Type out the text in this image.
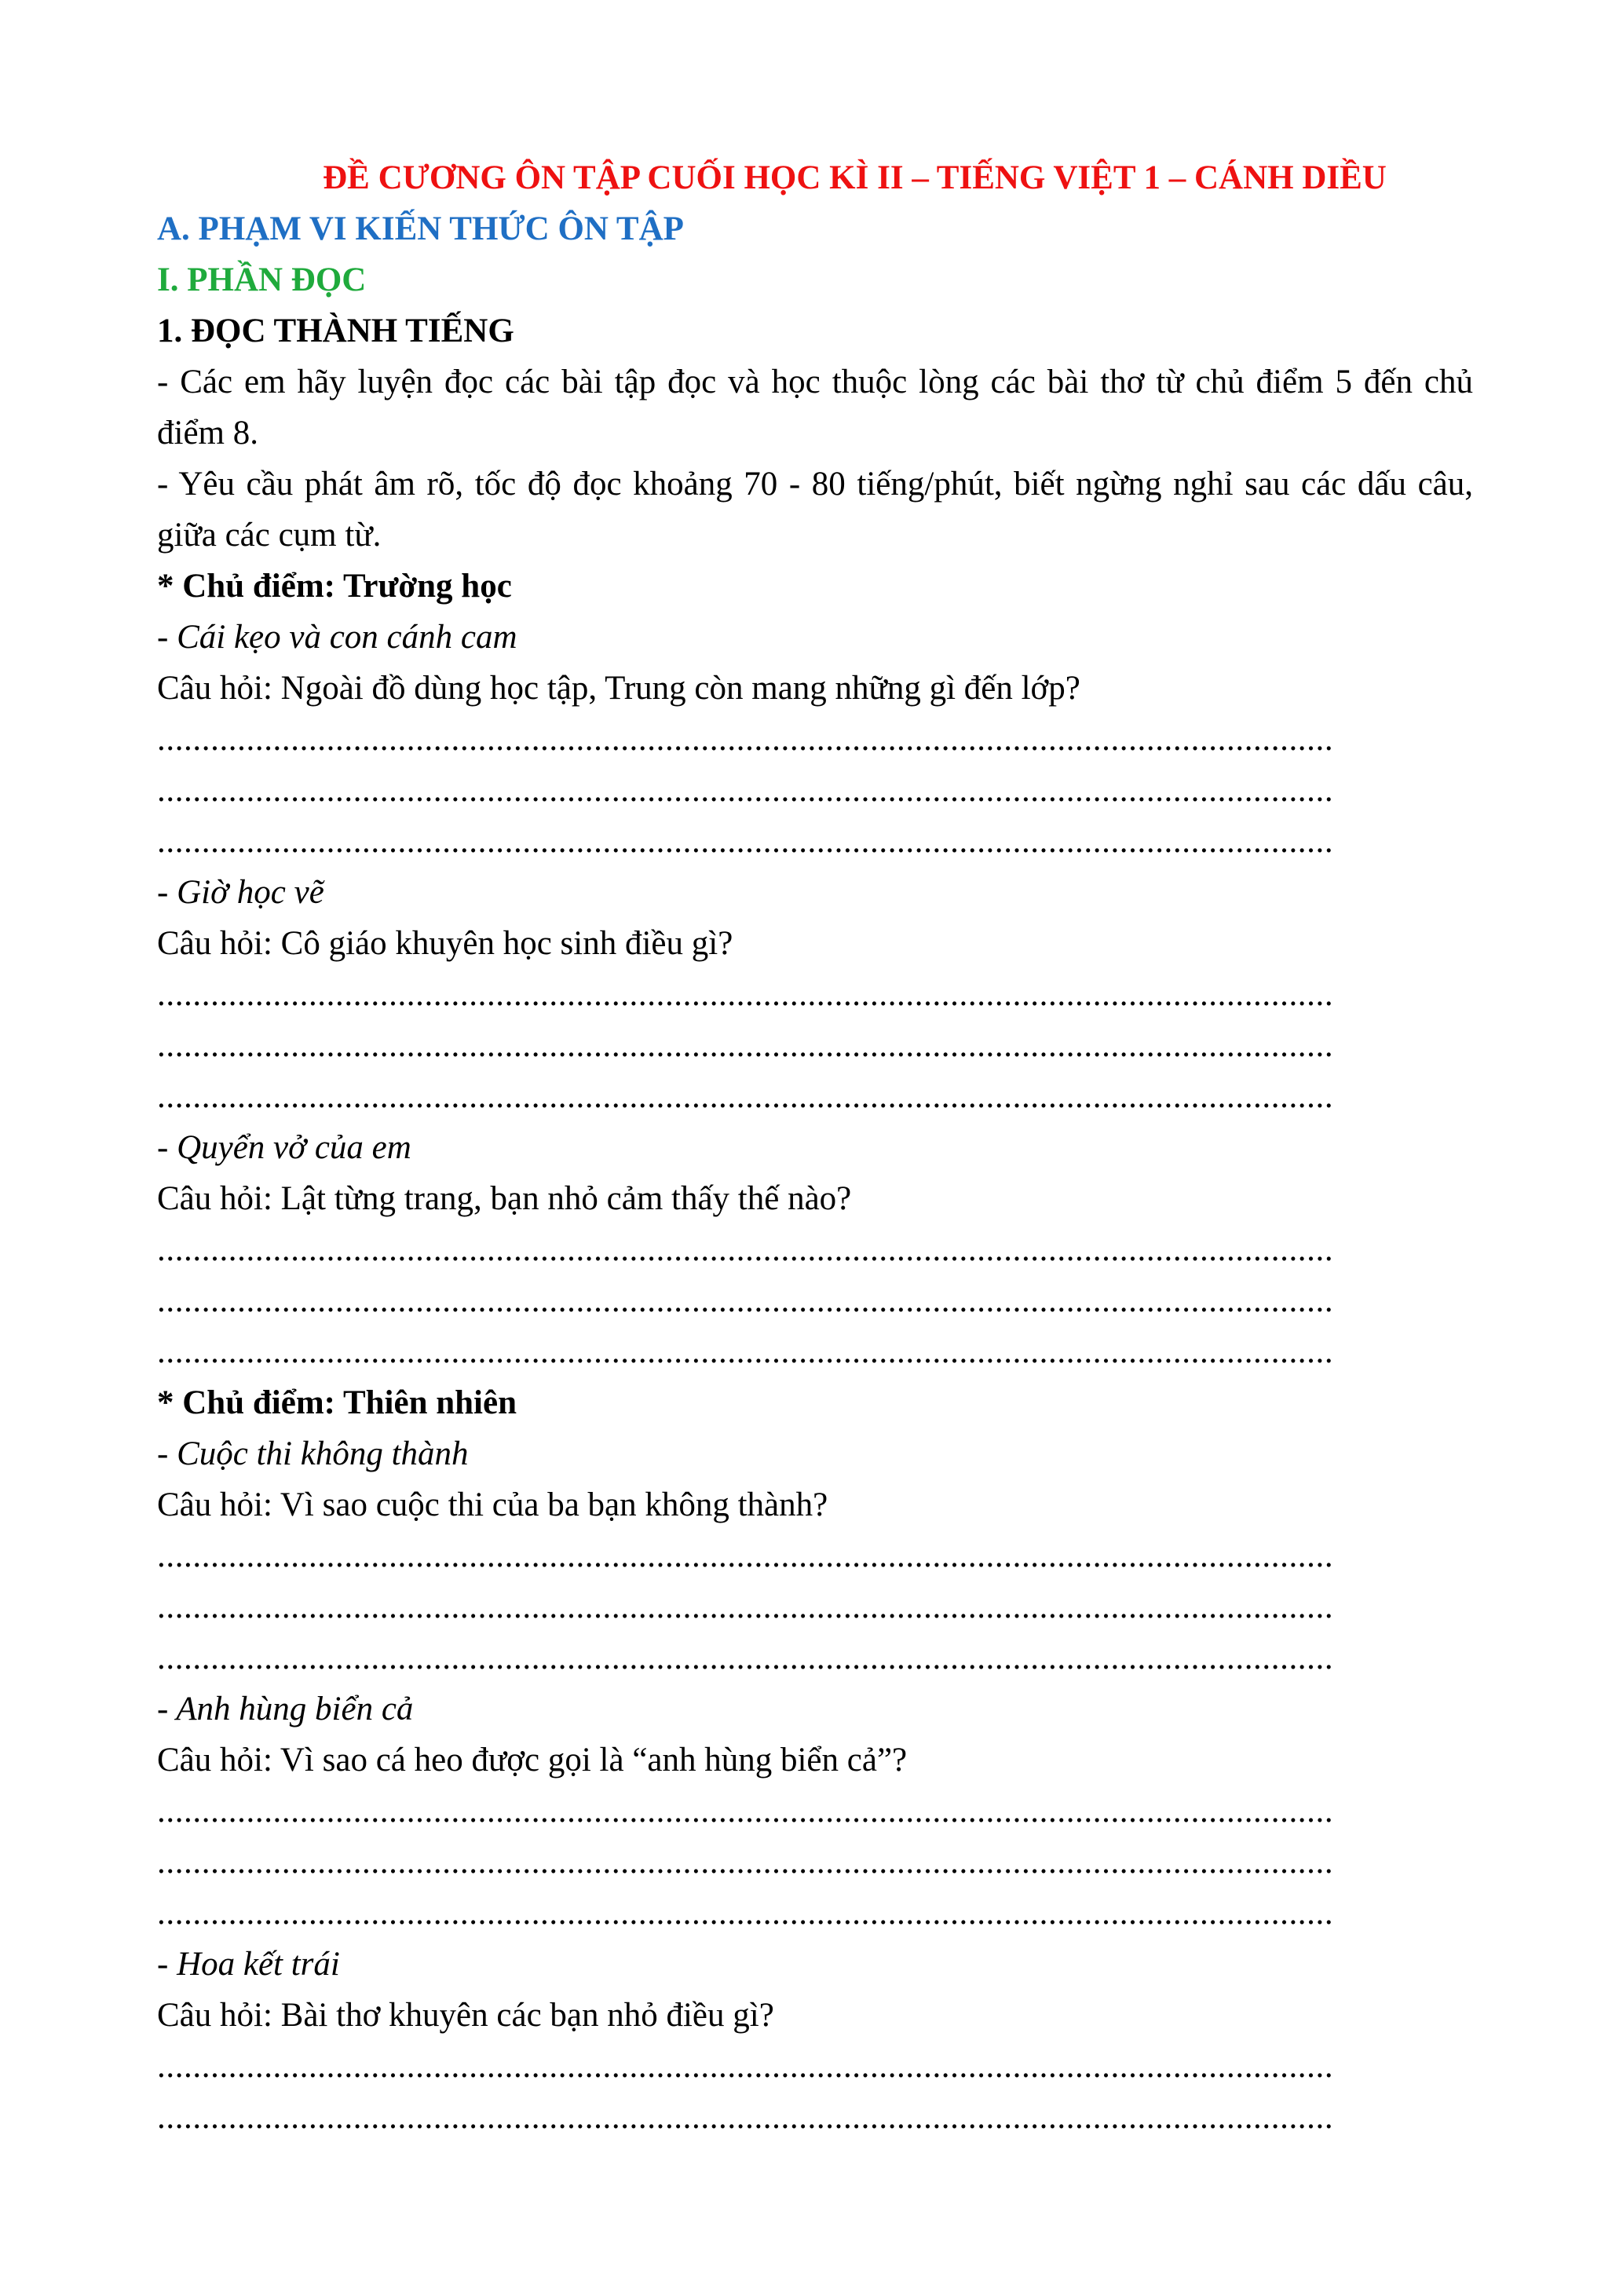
ĐỀ CƯƠNG ÔN TẬP CUỐI HỌC KÌ II – TIẾNG VIỆT 1 – CÁNH DIỀU
A. PHẠM VI KIẾN THỨC ÔN TẬP
I. PHẦN ĐỌC
1. ĐỌC THÀNH TIẾNG
- Các em hãy luyện đọc các bài tập đọc và học thuộc lòng các bài thơ từ chủ điểm 5 đến chủ điểm 8.
- Yêu cầu phát âm rõ, tốc độ đọc khoảng 70 - 80 tiếng/phút, biết ngừng nghỉ sau các dấu câu, giữa các cụm từ.
* Chủ điểm: Trường học
- Cái kẹo và con cánh cam
Câu hỏi: Ngoài đồ dùng học tập, Trung còn mang những gì đến lớp?
....................................................................................................................................
....................................................................................................................................
....................................................................................................................................
- Giờ học vẽ
Câu hỏi: Cô giáo khuyên học sinh điều gì?
....................................................................................................................................
....................................................................................................................................
....................................................................................................................................
- Quyển vở của em
Câu hỏi: Lật từng trang, bạn nhỏ cảm thấy thế nào?
....................................................................................................................................
....................................................................................................................................
....................................................................................................................................
* Chủ điểm: Thiên nhiên
- Cuộc thi không thành
Câu hỏi: Vì sao cuộc thi của ba bạn không thành?
....................................................................................................................................
....................................................................................................................................
....................................................................................................................................
- Anh hùng biển cả
Câu hỏi: Vì sao cá heo được gọi là “anh hùng biển cả”?
....................................................................................................................................
....................................................................................................................................
....................................................................................................................................
- Hoa kết trái
Câu hỏi: Bài thơ khuyên các bạn nhỏ điều gì?
....................................................................................................................................
....................................................................................................................................
